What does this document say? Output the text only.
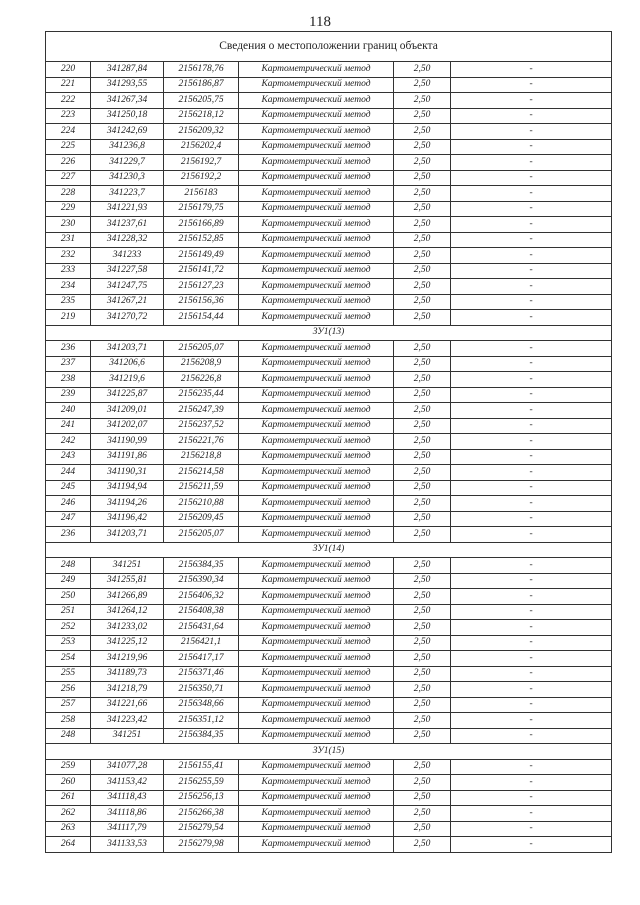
118
Сведения о местоположении границ объекта					
220	341287,84	2156178,76	Картометрический метод	2,50	-
221	341293,55	2156186,87	Картометрический метод	2,50	-
222	341267,34	2156205,75	Картометрический метод	2,50	-
223	341250,18	2156218,12	Картометрический метод	2,50	-
224	341242,69	2156209,32	Картометрический метод	2,50	-
225	341236,8	2156202,4	Картометрический метод	2,50	-
226	341229,7	2156192,7	Картометрический метод	2,50	-
227	341230,3	2156192,2	Картометрический метод	2,50	-
228	341223,7	2156183	Картометрический метод	2,50	-
229	341221,93	2156179,75	Картометрический метод	2,50	-
230	341237,61	2156166,89	Картометрический метод	2,50	-
231	341228,32	2156152,85	Картометрический метод	2,50	-
232	341233	2156149,49	Картометрический метод	2,50	-
233	341227,58	2156141,72	Картометрический метод	2,50	-
234	341247,75	2156127,23	Картометрический метод	2,50	-
235	341267,21	2156156,36	Картометрический метод	2,50	-
219	341270,72	2156154,44	Картометрический метод	2,50	-
ЗУ1(13)					
236	341203,71	2156205,07	Картометрический метод	2,50	-
237	341206,6	2156208,9	Картометрический метод	2,50	-
238	341219,6	2156226,8	Картометрический метод	2,50	-
239	341225,87	2156235,44	Картометрический метод	2,50	-
240	341209,01	2156247,39	Картометрический метод	2,50	-
241	341202,07	2156237,52	Картометрический метод	2,50	-
242	341190,99	2156221,76	Картометрический метод	2,50	-
243	341191,86	2156218,8	Картометрический метод	2,50	-
244	341190,31	2156214,58	Картометрический метод	2,50	-
245	341194,94	2156211,59	Картометрический метод	2,50	-
246	341194,26	2156210,88	Картометрический метод	2,50	-
247	341196,42	2156209,45	Картометрический метод	2,50	-
236	341203,71	2156205,07	Картометрический метод	2,50	-
ЗУ1(14)					
248	341251	2156384,35	Картометрический метод	2,50	-
249	341255,81	2156390,34	Картометрический метод	2,50	-
250	341266,89	2156406,32	Картометрический метод	2,50	-
251	341264,12	2156408,38	Картометрический метод	2,50	-
252	341233,02	2156431,64	Картометрический метод	2,50	-
253	341225,12	2156421,1	Картометрический метод	2,50	-
254	341219,96	2156417,17	Картометрический метод	2,50	-
255	341189,73	2156371,46	Картометрический метод	2,50	-
256	341218,79	2156350,71	Картометрический метод	2,50	-
257	341221,66	2156348,66	Картометрический метод	2,50	-
258	341223,42	2156351,12	Картометрический метод	2,50	-
248	341251	2156384,35	Картометрический метод	2,50	-
ЗУ1(15)					
259	341077,28	2156155,41	Картометрический метод	2,50	-
260	341153,42	2156255,59	Картометрический метод	2,50	-
261	341118,43	2156256,13	Картометрический метод	2,50	-
262	341118,86	2156266,38	Картометрический метод	2,50	-
263	341117,79	2156279,54	Картометрический метод	2,50	-
264	341133,53	2156279,98	Картометрический метод	2,50	-
